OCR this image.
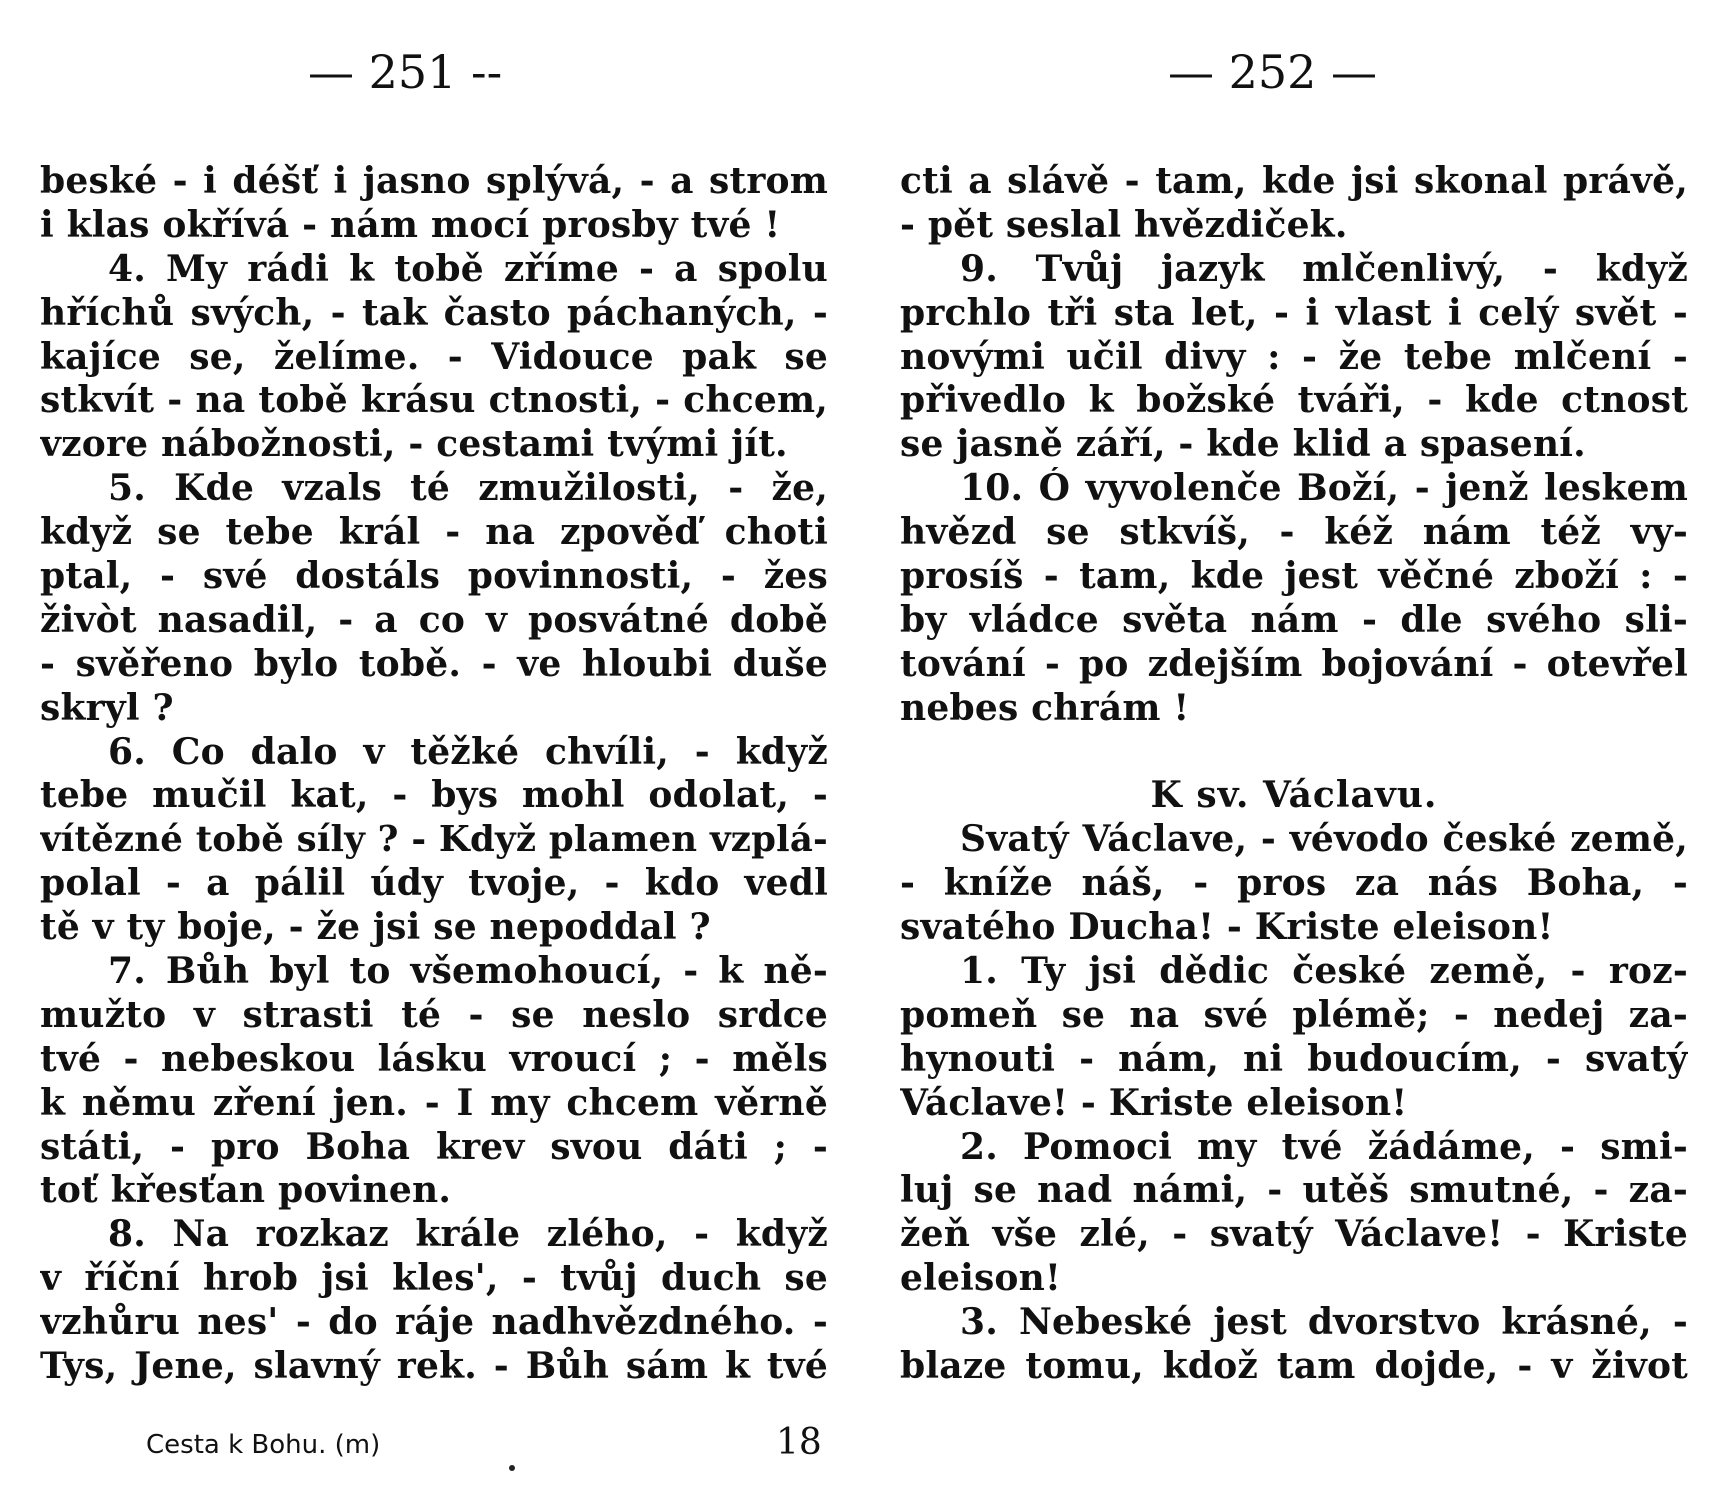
— 251 --
beské - i déšť i jasno splývá, - a strom
i klas okřívá - nám mocí prosby tvé !
4. My rádi k tobě zříme - a spolu
hříchů svých, - tak často páchaných, -
kajíce se, želíme. - Vidouce pak se
stkvít - na tobě krásu ctnosti, - chcem,
vzore nábožnosti, - cestami tvými jít.
5. Kde vzals té zmužilosti, - že,
když se tebe král - na zpověď choti
ptal, - své dostáls povinnosti, - žes
živòt nasadil, - a co v posvátné době
- svěřeno bylo tobě. - ve hloubi duše
skryl ?
6. Co dalo v těžké chvíli, - když
tebe mučil kat, - bys mohl odolat, -
vítězné tobě síly ? - Když plamen vzplá-
polal - a pálil údy tvoje, - kdo vedl
tě v ty boje, - že jsi se nepoddal ?
7. Bůh byl to všemohoucí, - k ně-
mužto v strasti té - se neslo srdce
tvé - nebeskou lásku vroucí ; - měls
k němu zření jen. - I my chcem věrně
státi, - pro Boha krev svou dáti ; -
toť křesťan povinen.
8. Na rozkaz krále zlého, - když
v říční hrob jsi kles', - tvůj duch se
vzhůru nes' - do ráje nadhvězdného. -
Tys, Jene, slavný rek. - Bůh sám k tvé
Cesta k Bohu. (m)	18
— 252 —
cti a slávě - tam, kde jsi skonal právě,
- pět seslal hvězdiček.
9. Tvůj jazyk mlčenlivý, - když
prchlo tři sta let, - i vlast i celý svět -
novými učil divy : - že tebe mlčení -
přivedlo k božské tváři, - kde ctnost
se jasně září, - kde klid a spasení.
10. Ó vyvolenče Boží, - jenž leskem
hvězd se stkvíš, - kéž nám též vy-
prosíš - tam, kde jest věčné zboží : -
by vládce světa nám - dle svého sli-
tování - po zdejším bojování - otevřel
nebes chrám !
K sv. Václavu.
Svatý Václave, - vévodo české země,
- kníže náš, - pros za nás Boha, -
svatého Ducha! - Kriste eleison!
1. Ty jsi dědic české země, - roz-
pomeň se na své plémě; - nedej za-
hynouti - nám, ni budoucím, - svatý
Václave! - Kriste eleison!
2. Pomoci my tvé žádáme, - smi-
luj se nad námi, - utěš smutné, - za-
žeň vše zlé, - svatý Václave! - Kriste
eleison!
3. Nebeské jest dvorstvo krásné, -
blaze tomu, kdož tam dojde, - v život
